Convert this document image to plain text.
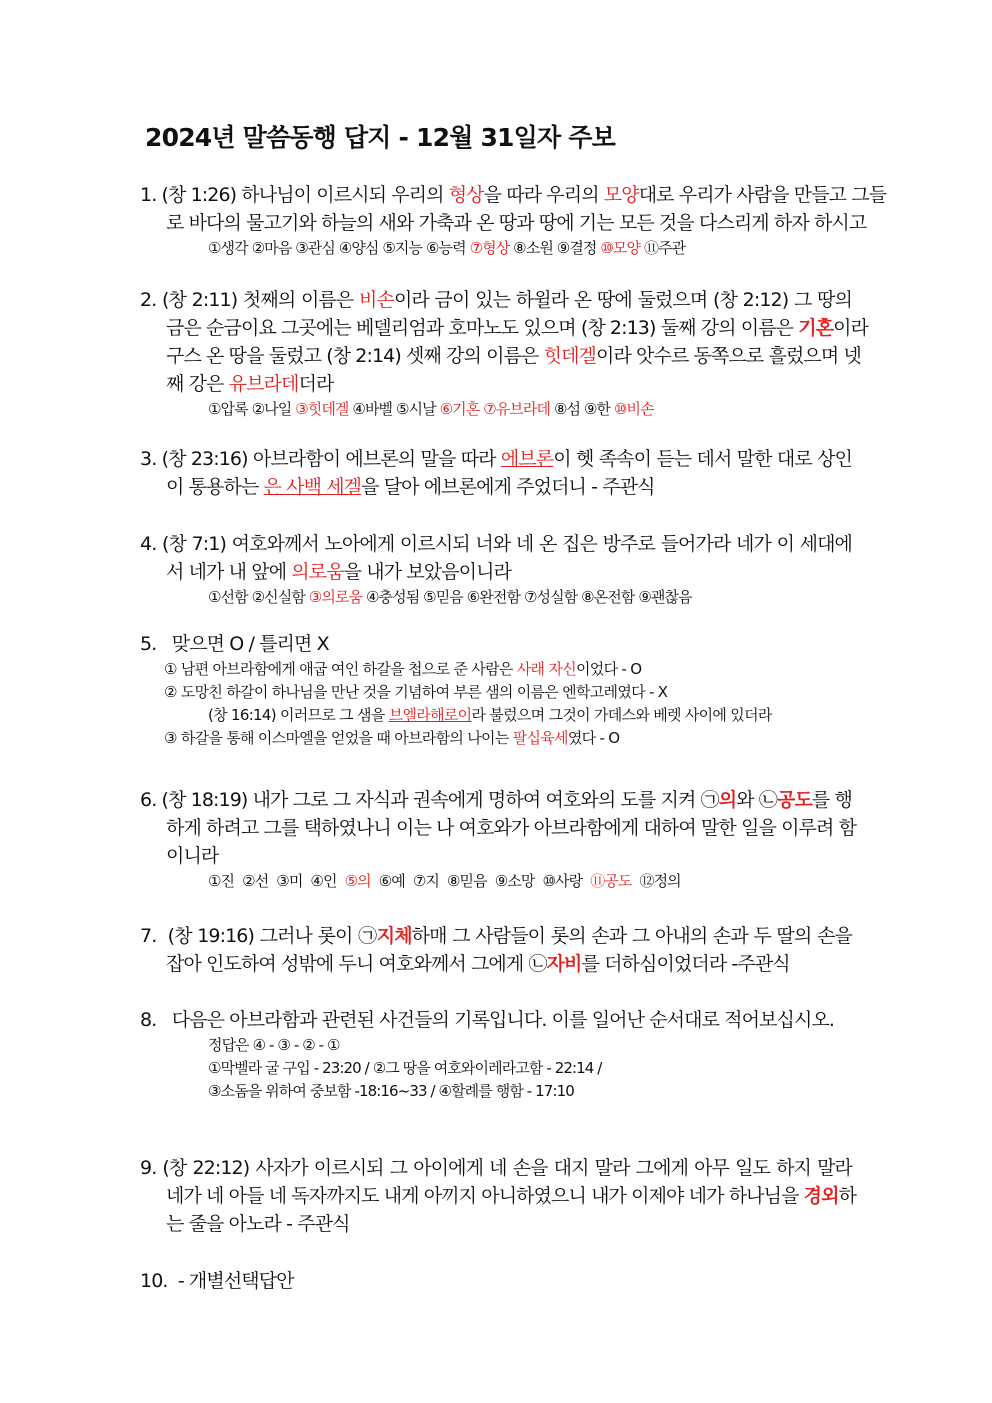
2024년 말씀동행 답지 - 12월 31일자 주보
1. (창 1:26) 하나님이 이르시되 우리의 형상을 따라 우리의 모양대로 우리가 사람을 만들고 그들
로 바다의 물고기와 하늘의 새와 가축과 온 땅과 땅에 기는 모든 것을 다스리게 하자 하시고
①생각 ②마음 ③관심 ④양심 ⑤지능 ⑥능력 ⑦형상 ⑧소원 ⑨결정 ⑩모양 ⑪주관
2. (창 2:11) 첫째의 이름은 비손이라 금이 있는 하윌라 온 땅에 둘렀으며 (창 2:12) 그 땅의
금은 순금이요 그곳에는 베델리엄과 호마노도 있으며 (창 2:13) 둘째 강의 이름은 기혼이라
구스 온 땅을 둘렀고 (창 2:14) 셋째 강의 이름은 힛데겔이라 앗수르 동쪽으로 흘렀으며 넷
째 강은 유브라데더라
①압록 ②나일 ③힛데겔 ④바벨 ⑤시날 ⑥기혼 ⑦유브라데 ⑧섬 ⑨한 ⑩비손
3. (창 23:16) 아브라함이 에브론의 말을 따라 에브론이 헷 족속이 듣는 데서 말한 대로 상인
이 통용하는 은 사백 세겔을 달아 에브론에게 주었더니 - 주관식
4. (창 7:1) 여호와께서 노아에게 이르시되 너와 네 온 집은 방주로 들어가라 네가 이 세대에
서 네가 내 앞에 의로움을 내가 보았음이니라
①선함 ②신실함 ③의로움 ④충성됨 ⑤믿음 ⑥완전함 ⑦성실함 ⑧온전함 ⑨괜찮음
5. 맞으면 O / 틀리면 X
① 남편 아브라함에게 애굽 여인 하갈을 첩으로 준 사람은 사래 자신이었다 - O
② 도망친 하갈이 하나님을 만난 것을 기념하여 부른 샘의 이름은 엔학고레였다 - X
(창 16:14) 이러므로 그 샘을 브엘라해로이라 불렀으며 그것이 가데스와 베렛 사이에 있더라
③ 하갈을 통해 이스마엘을 얻었을 때 아브라함의 나이는 팔십육세였다 - O
6. (창 18:19) 내가 그로 그 자식과 권속에게 명하여 여호와의 도를 지켜 ㉠의와 ㉡공도를 행
하게 하려고 그를 택하였나니 이는 나 여호와가 아브라함에게 대하여 말한 일을 이루려 함
이니라
①진 ②선 ③미 ④인 ⑤의 ⑥예 ⑦지 ⑧믿음 ⑨소망 ⑩사랑 ⑪공도 ⑫정의
7. (창 19:16) 그러나 롯이 ㉠지체하매 그 사람들이 롯의 손과 그 아내의 손과 두 딸의 손을
잡아 인도하여 성밖에 두니 여호와께서 그에게 ㉡자비를 더하심이었더라 -주관식
8. 다음은 아브라함과 관련된 사건들의 기록입니다. 이를 일어난 순서대로 적어보십시오.
정답은 ④ - ③ - ② - ①
①막벨라 굴 구입 - 23:20 / ②그 땅을 여호와이레라고함 - 22:14 /
③소돔을 위하여 중보함 -18:16~33 / ④할례를 행함 - 17:10
9. (창 22:12) 사자가 이르시되 그 아이에게 네 손을 대지 말라 그에게 아무 일도 하지 말라
네가 네 아들 네 독자까지도 내게 아끼지 아니하였으니 내가 이제야 네가 하나님을 경외하
는 줄을 아노라 - 주관식
10. - 개별선택답안
